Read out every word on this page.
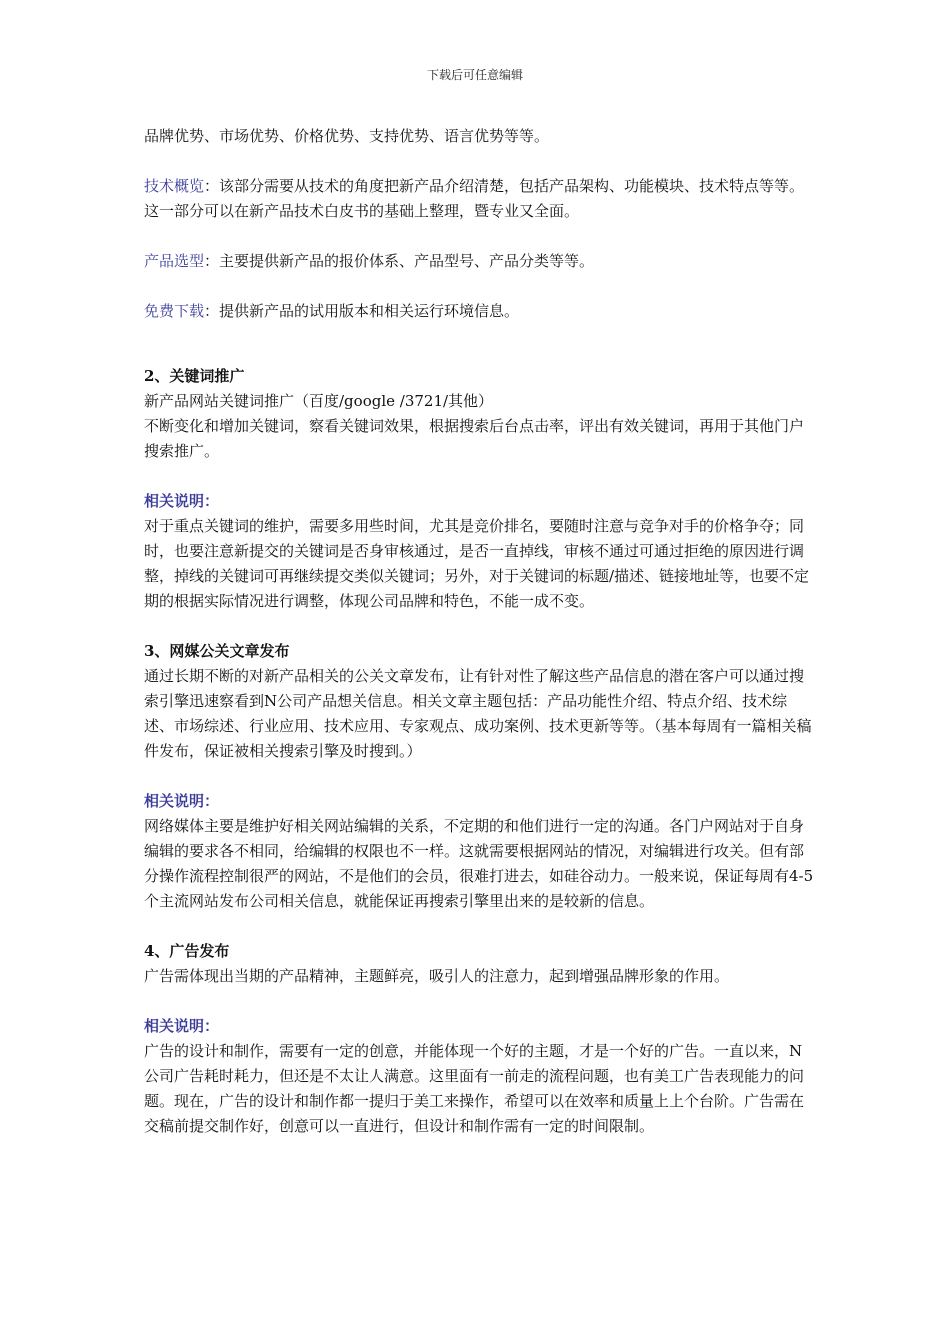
下载后可任意编辑

品牌优势、市场优势、价格优势、支持优势、语言优势等等。

技术概览：该部分需要从技术的角度把新产品介绍清楚，包括产品架构、功能模块、技术特点等等。这一部分可以在新产品技术白皮书的基础上整理，暨专业又全面。

产品选型：主要提供新产品的报价体系、产品型号、产品分类等等。

免费下载：提供新产品的试用版本和相关运行环境信息。

2、关键词推广

新产品网站关键词推广（百度/google /3721/其他）

不断变化和增加关键词，察看关键词效果，根据搜索后台点击率，评出有效关键词，再用于其他门户搜索推广。

相关说明：

对于重点关键词的维护，需要多用些时间，尤其是竞价排名，要随时注意与竞争对手的价格争夺；同时，也要注意新提交的关键词是否身审核通过，是否一直掉线，审核不通过可通过拒绝的原因进行调整，掉线的关键词可再继续提交类似关键词；另外，对于关键词的标题/描述、链接地址等，也要不定期的根据实际情况进行调整，体现公司品牌和特色，不能一成不变。

3、网媒公关文章发布

通过长期不断的对新产品相关的公关文章发布，让有针对性了解这些产品信息的潜在客户可以通过搜索引擎迅速察看到N公司产品想关信息。相关文章主题包括：产品功能性介绍、特点介绍、技术综述、市场综述、行业应用、技术应用、专家观点、成功案例、技术更新等等。（基本每周有一篇相关稿件发布，保证被相关搜索引擎及时搜到。）

相关说明：

网络媒体主要是维护好相关网站编辑的关系，不定期的和他们进行一定的沟通。各门户网站对于自身编辑的要求各不相同，给编辑的权限也不一样。这就需要根据网站的情况，对编辑进行攻关。但有部分操作流程控制很严的网站，不是他们的会员，很难打进去，如硅谷动力。一般来说，保证每周有4-5个主流网站发布公司相关信息，就能保证再搜索引擎里出来的是较新的信息。

4、广告发布

广告需体现出当期的产品精神，主题鲜亮，吸引人的注意力，起到增强品牌形象的作用。

相关说明：

广告的设计和制作，需要有一定的创意，并能体现一个好的主题，才是一个好的广告。一直以来，N公司广告耗时耗力，但还是不太让人满意。这里面有一前走的流程问题，也有美工广告表现能力的问题。现在，广告的设计和制作都一提归于美工来操作，希望可以在效率和质量上上个台阶。广告需在交稿前提交制作好，创意可以一直进行，但设计和制作需有一定的时间限制。
